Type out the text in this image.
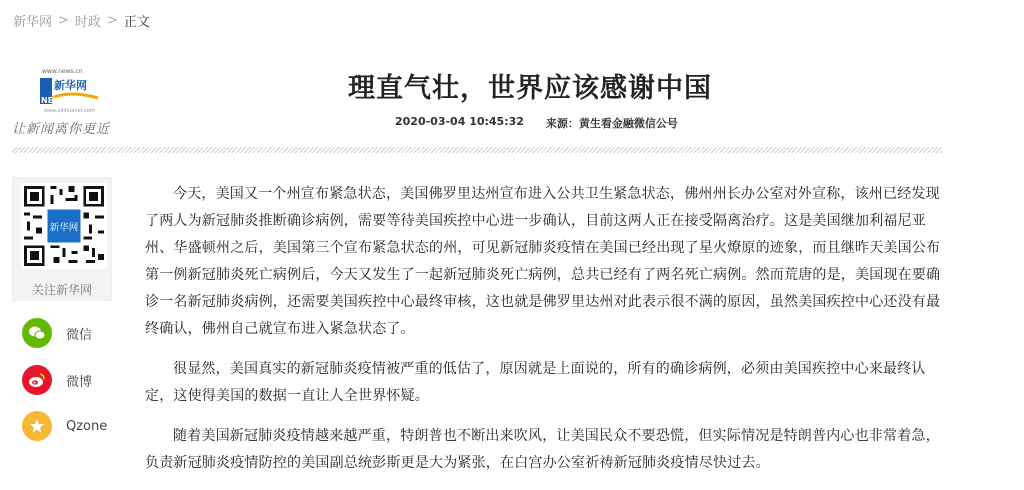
新华网 > 时政 > 正文
www.news.cn
新华网
NEWS
www.xinhuanet.com
让新闻离你更近
理直气壮，世界应该感谢中国
2020-03-04 10:45:32 来源：黄生看金融微信公号
新华网
关注新华网
微信
微博
Qzone

今天，美国又一个州宣布紧急状态，美国佛罗里达州宣布进入公共卫生紧急状态，佛州州长办公室对外宣称，该州已经发现了两人为新冠肺炎推断确诊病例，需要等待美国疾控中心进一步确认，目前这两人正在接受隔离治疗。这是美国继加利福尼亚州、华盛顿州之后，美国第三个宣布紧急状态的州，可见新冠肺炎疫情在美国已经出现了星火燎原的迹象，而且继昨天美国公布第一例新冠肺炎死亡病例后，今天又发生了一起新冠肺炎死亡病例，总共已经有了两名死亡病例。然而荒唐的是，美国现在要确诊一名新冠肺炎病例，还需要美国疾控中心最终审核，这也就是佛罗里达州对此表示很不满的原因，虽然美国疾控中心还没有最终确认，佛州自己就宣布进入紧急状态了。

很显然，美国真实的新冠肺炎疫情被严重的低估了，原因就是上面说的，所有的确诊病例，必须由美国疾控中心来最终认定，这使得美国的数据一直让人全世界怀疑。

随着美国新冠肺炎疫情越来越严重，特朗普也不断出来吹风，让美国民众不要恐慌，但实际情况是特朗普内心也非常着急，负责新冠肺炎疫情防控的美国副总统彭斯更是大为紧张，在白宫办公室祈祷新冠肺炎疫情尽快过去。
